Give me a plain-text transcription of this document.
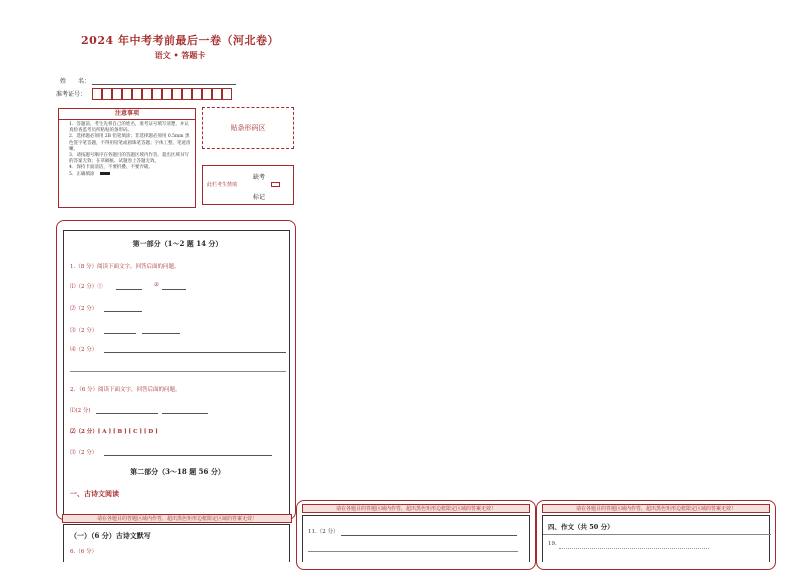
2024 年中考考前最后一卷（河北卷）
语文 • 答题卡
姓　　名：
准考证号：
注意事项
1．答题前，考生先将自己的姓名，准考证号填写清楚，并认真检查监考员所粘贴的条形码。
2．选择题必须用 2B 铅笔填涂；非选择题必须用 0.5mm 黑色签字笔答题，不得用铅笔或圆珠笔答题；字体工整、笔迹清晰。
3．请按题号顺序在各题目的答题区域内作答，超出区域书写的答案无效；在草稿纸、试题卷上答题无效。
4．保持卡面清洁，不要折叠、不要弄破。
5．正确填涂
贴条形码区
缺考
此栏考生禁填
标记
第一部分（1～2 题 14 分）
1.（8 分）阅读下面文字，回答后面的问题。
⑴（2 分）①	②
⑵（2 分）
⑶（2 分）
⑷（2 分）
2．（6 分）阅读下面文字，回答后面的问题。
⑴(2 分)
⑵（2 分）[ A ] [ B ] [ C ] [ D ]
⑶（2 分）
第二部分（3～18 题 56 分）
一、古诗文阅读
请在各题目的答题区域内作答，超出黑色矩形边框限定区域的答案无效！
（一）（6 分）古诗文默写
6.（6 分）
请在各题目的答题区域内作答，超出黑色矩形边框限定区域的答案无效！
11.（2 分）
请在各题目的答题区域内作答，超出黑色矩形边框限定区域的答案无效！
四、作文（共 50 分）
19.
